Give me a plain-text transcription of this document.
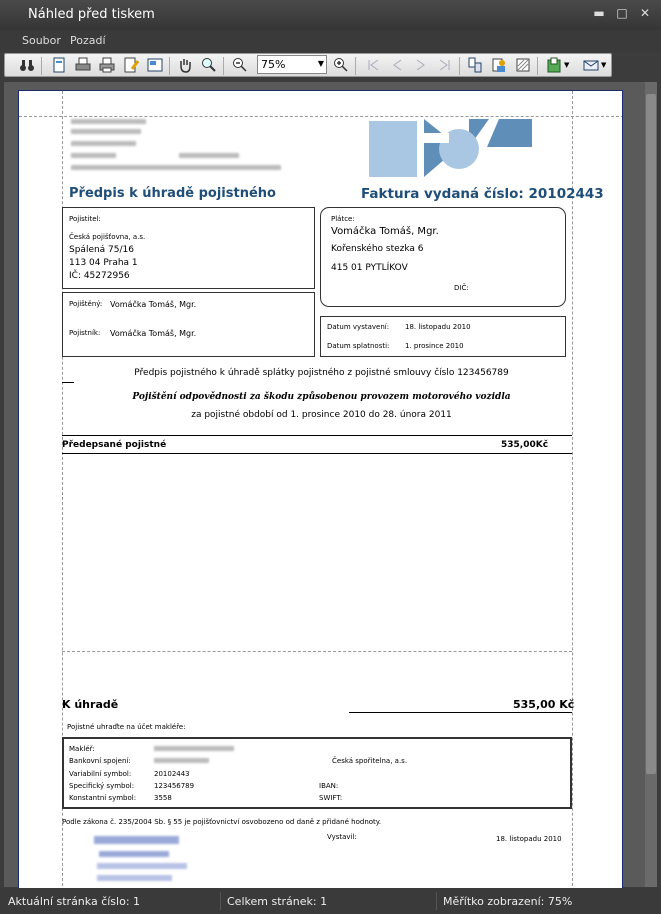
Náhled před tiskem	▬ □	✕
Soubor Pozadí
75%	▼	▼	▼
Předpis k úhradě pojistného	Faktura vydaná číslo: 20102443
Pojistitel:
Česká pojišťovna, a.s.
Spálená 75/16
113 04 Praha 1
IČ: 45272956
Plátce:
Vomáčka Tomáš, Mgr.
Kořenského stezka 6
415 01 PYTLÍKOV
DIČ:
Pojištěný: Vomáčka Tomáš, Mgr.
Pojistník: Vomáčka Tomáš, Mgr.
Datum vystavení: 18. listopadu 2010
Datum splatnosti: 1. prosince 2010
Předpis pojistného k úhradě splátky pojistného z pojistné smlouvy číslo 123456789
Pojištění odpovědnosti za škodu způsobenou provozem motorového vozidla
za pojistné období od 1. prosince 2010 do 28. února 2011
Předepsané pojistné	535,00Kč
K úhradě	535,00 Kč
Pojistné uhraďte na účet makléře:
Makléř:
Bankovní spojení:	Česká spořitelna, a.s.
Variabilní symbol:	20102443
Specifický symbol:	123456789	IBAN:
Konstantní symbol:	3558	SWIFT:
Podle zákona č. 235/2004 Sb. § 55 je pojišťovnictví osvobozeno od daně z přidané hodnoty.
Vystavil:	18. listopadu 2010
Aktuální stránka číslo: 1	Celkem stránek: 1	Měřítko zobrazení: 75%
